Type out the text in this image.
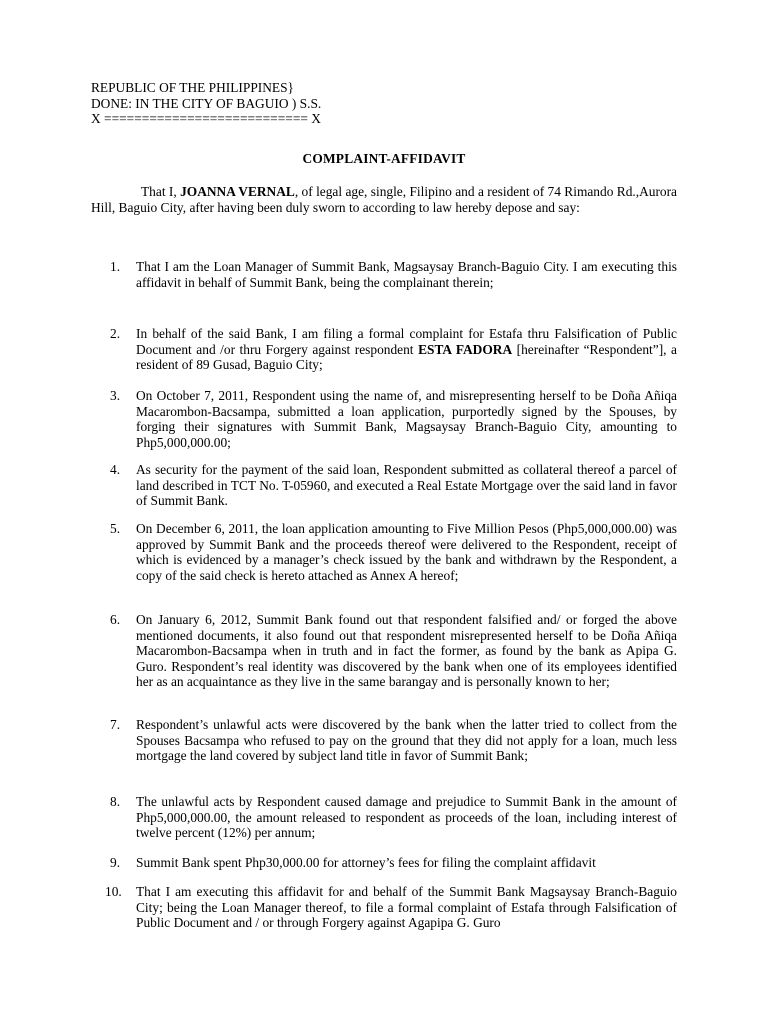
REPUBLIC OF THE PHILIPPINES}
DONE: IN THE CITY OF BAGUIO ) S.S.
X =========================== X
COMPLAINT-AFFIDAVIT
That I, JOANNA VERNAL, of legal age, single, Filipino and a resident of 74 Rimando Rd.,Aurora Hill, Baguio City, after having been duly sworn to according to law hereby depose and say:
1.	That I am the Loan Manager of Summit Bank, Magsaysay Branch-Baguio City. I am executing this affidavit in behalf of Summit Bank, being the complainant therein;
2.	In behalf of the said Bank, I am filing a formal complaint for Estafa thru Falsification of Public Document and /or thru Forgery against respondent ESTA FADORA [hereinafter “Respondent”], a resident of 89 Gusad, Baguio City;
3.	On October 7, 2011, Respondent using the name of, and misrepresenting herself to be Doña Añiqa Macarombon-Bacsampa, submitted a loan application, purportedly signed by the Spouses, by forging their signatures with Summit Bank, Magsaysay Branch-Baguio City, amounting to Php5,000,000.00;
4.	As security for the payment of the said loan, Respondent submitted as collateral thereof a parcel of land described in TCT No. T-05960, and executed a Real Estate Mortgage over the said land in favor of Summit Bank.
5.	On December 6, 2011, the loan application amounting to Five Million Pesos (Php5,000,000.00) was approved by Summit Bank and the proceeds thereof were delivered to the Respondent, receipt of which is evidenced by a manager’s check issued by the bank and withdrawn by the Respondent, a copy of the said check is hereto attached as Annex A hereof;
6.	On January 6, 2012, Summit Bank found out that respondent falsified and/ or forged the above mentioned documents, it also found out that respondent misrepresented herself to be Doña Añiqa Macarombon-Bacsampa when in truth and in fact the former, as found by the bank as Apipa G. Guro. Respondent’s real identity was discovered by the bank when one of its employees identified her as an acquaintance as they live in the same barangay and is personally known to her;
7.	Respondent’s unlawful acts were discovered by the bank when the latter tried to collect from the Spouses Bacsampa who refused to pay on the ground that they did not apply for a loan, much less mortgage the land covered by subject land title in favor of Summit Bank;
8.	The unlawful acts by Respondent caused damage and prejudice to Summit Bank in the amount of Php5,000,000.00, the amount released to respondent as proceeds of the loan, including interest of twelve percent (12%) per annum;
9.	Summit Bank spent Php30,000.00 for attorney’s fees for filing the complaint affidavit
10.	That I am executing this affidavit for and behalf of the Summit Bank Magsaysay Branch-Baguio City; being the Loan Manager thereof, to file a formal complaint of Estafa through Falsification of Public Document and / or through Forgery against Agapipa G. Guro
